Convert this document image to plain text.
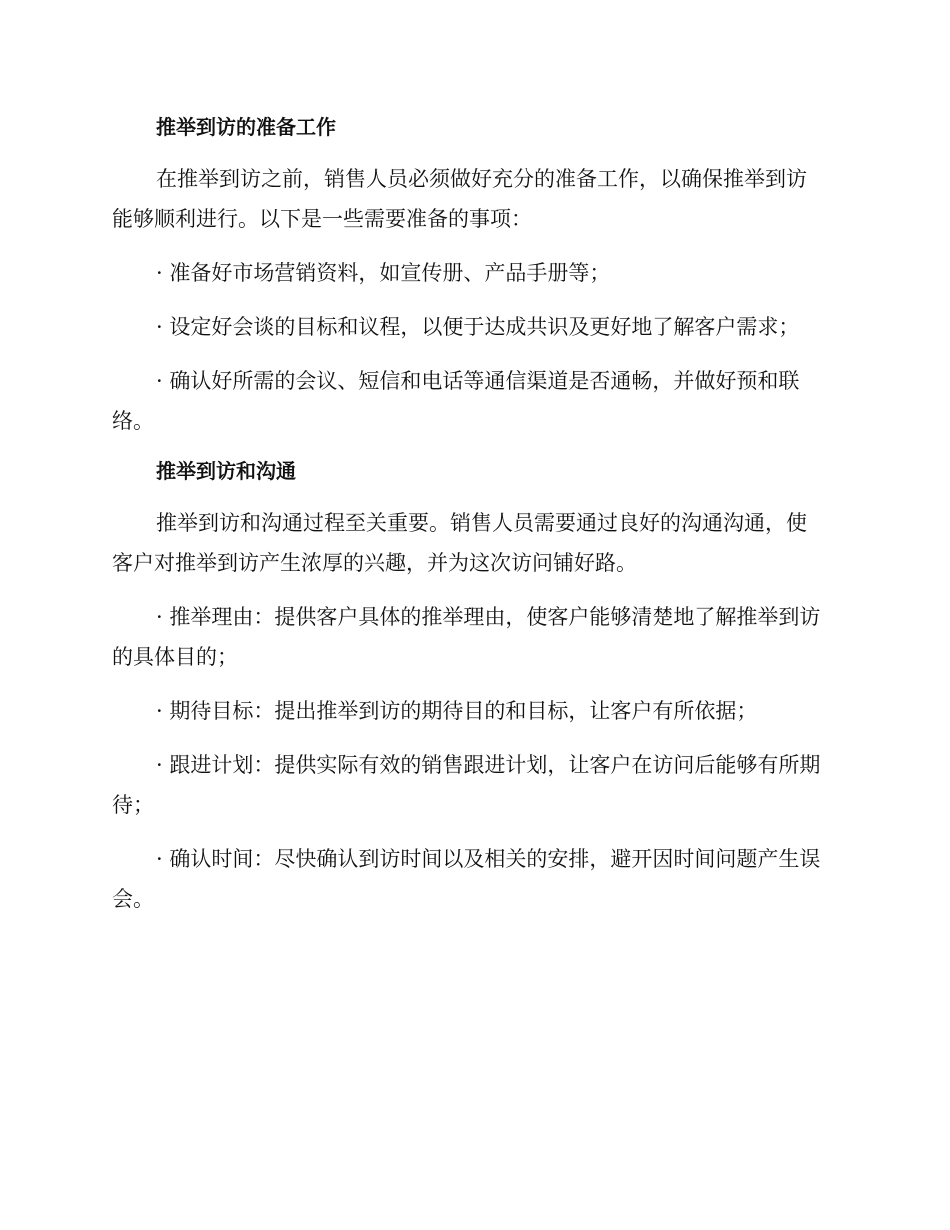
推举到访的准备工作

在推举到访之前，销售人员必须做好充分的准备工作，以确保推举到访能够顺利进行。以下是一些需要准备的事项：

· 准备好市场营销资料，如宣传册、产品手册等；

· 设定好会谈的目标和议程，以便于达成共识及更好地了解客户需求；

· 确认好所需的会议、短信和电话等通信渠道是否通畅，并做好预和联络。

推举到访和沟通

推举到访和沟通过程至关重要。销售人员需要通过良好的沟通沟通，使客户对推举到访产生浓厚的兴趣，并为这次访问铺好路。

· 推举理由：提供客户具体的推举理由，使客户能够清楚地了解推举到访的具体目的；

· 期待目标：提出推举到访的期待目的和目标，让客户有所依据；

· 跟进计划：提供实际有效的销售跟进计划，让客户在访问后能够有所期待；

· 确认时间：尽快确认到访时间以及相关的安排，避开因时间问题产生误会。
